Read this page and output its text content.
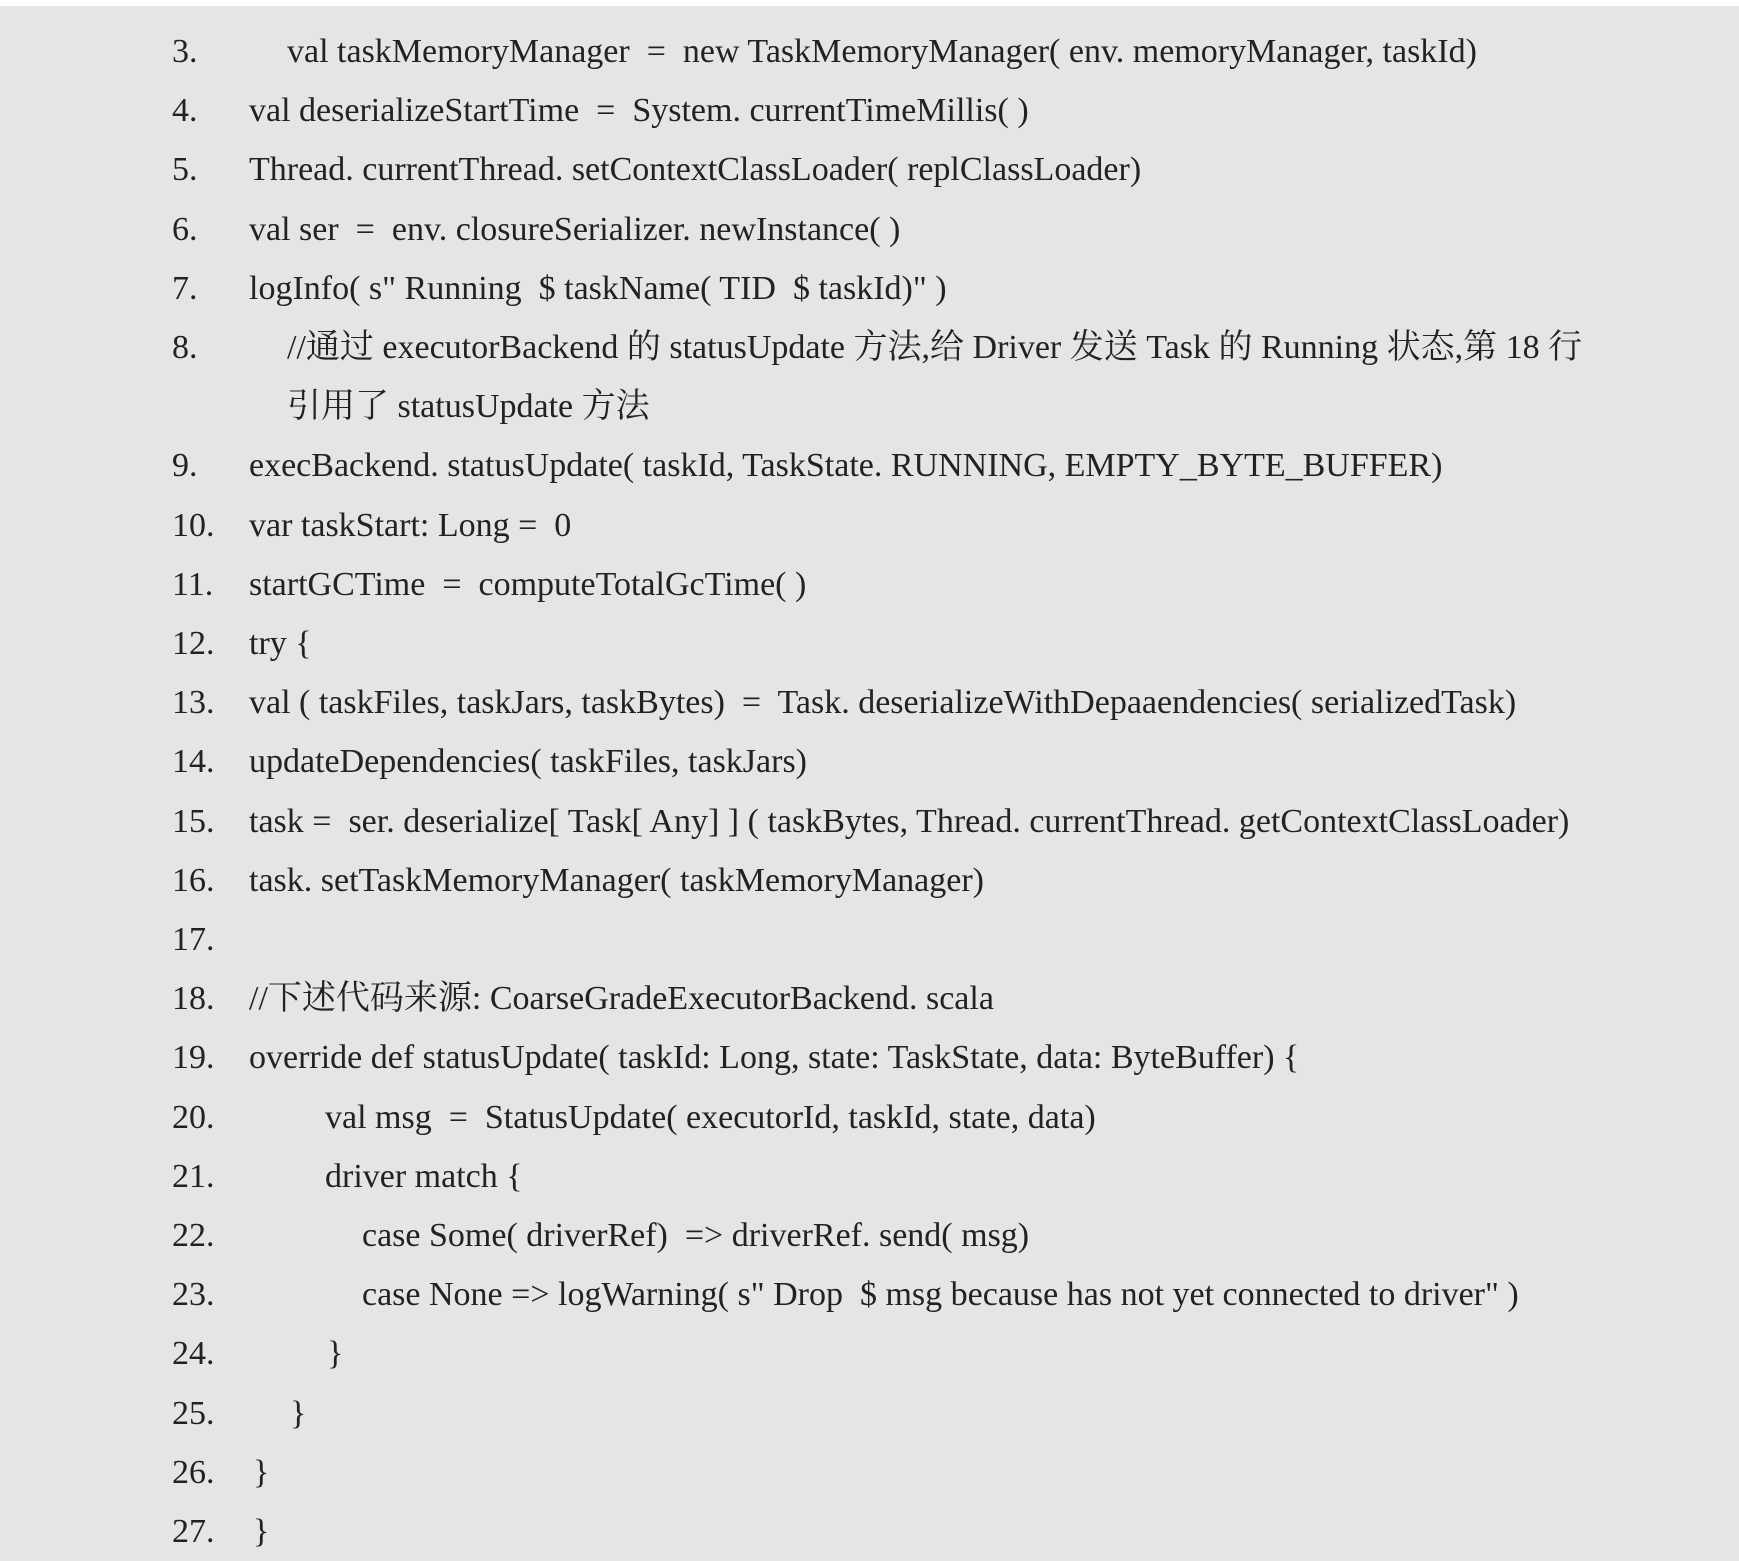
3.

	val taskMemoryManager  =  new TaskMemoryManager( env. memoryManager, taskId)

4.

val deserializeStartTime  =  System. currentTimeMillis( )

5.

Thread. currentThread. setContextClassLoader( replClassLoader)

6.

val ser  =  env. closureSerializer. newInstance( )

7.

logInfo( s" Running  $ taskName( TID  $ taskId)" )

8.

	//通过 executorBackend 的 statusUpdate 方法,给 Driver 发送 Task 的 Running 状态,第 18 行

引用了 statusUpdate 方法

9.

execBackend. statusUpdate( taskId, TaskState. RUNNING, EMPTY_BYTE_BUFFER)

10.

var taskStart: Long =  0

11.

startGCTime  =  computeTotalGcTime( )

12.

try {

13.

val ( taskFiles, taskJars, taskBytes)  =  Task. deserializeWithDepaaendencies( serializedTask)

14.

updateDependencies( taskFiles, taskJars)

15.

task =  ser. deserialize[ Task[ Any] ] ( taskBytes, Thread. currentThread. getContextClassLoader)

16.

task. setTaskMemoryManager( taskMemoryManager)

17.

18.

//下述代码来源: CoarseGradeExecutorBackend. scala

19.

override def statusUpdate( taskId: Long, state: TaskState, data: ByteBuffer) {

20.

	val msg  =  StatusUpdate( executorId, taskId, state, data)

21.

	driver match {

22.

	case Some( driverRef)  => driverRef. send( msg)

23.

	case None => logWarning( s" Drop  $ msg because has not yet connected to driver" )

24.

	}

25.

}

26.

}

27.

}
